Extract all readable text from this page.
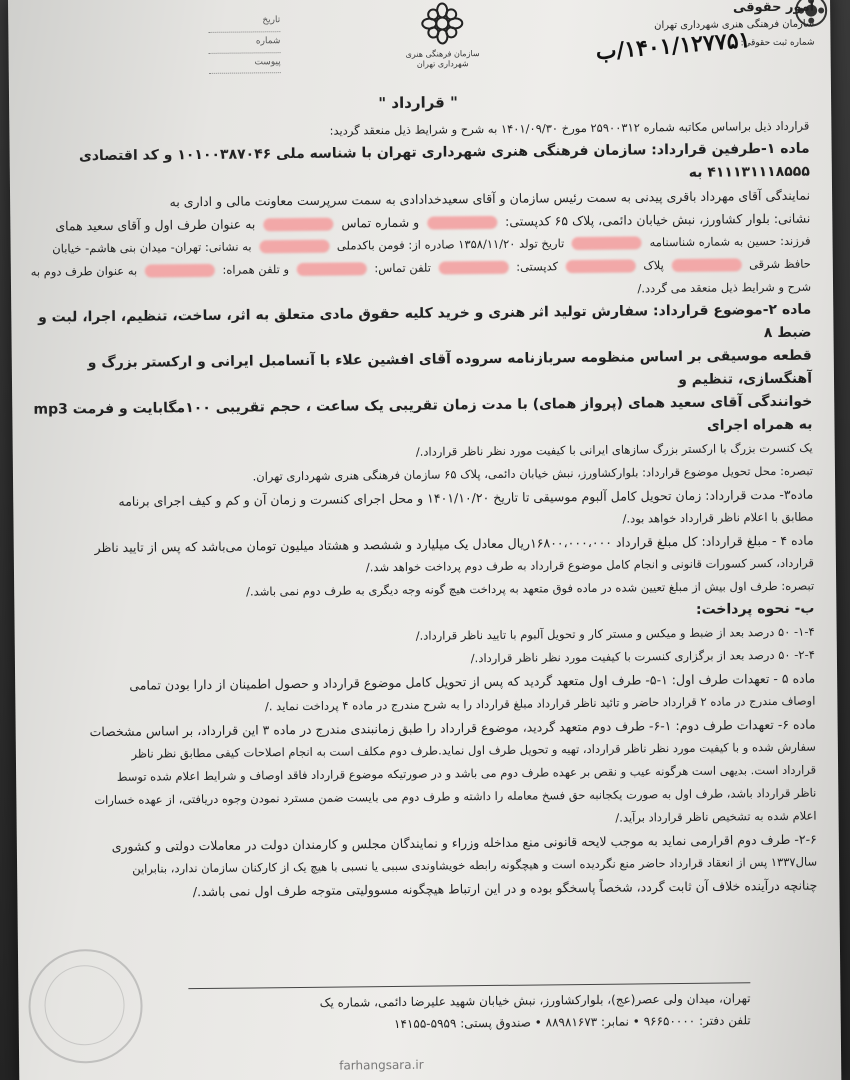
امور حقوقی
سازمان فرهنگی هنری شهرداری تهران
شماره ثبت حقوقی:
۱۴۰۱/۱۲۷۷۵۱/ب
سازمان فرهنگی هنری شهرداری تهران
تاریخ
شماره
پیوست

" قرارداد "

قرارداد ذیل براساس مکاتبه شماره ۲۵۹۰۰۳۱۲ مورخ ۱۴۰۱/۰۹/۳۰ به شرح و شرایط ذیل منعقد گردید:

ماده ۱-طرفین قرارداد: سازمان فرهنگی هنری شهرداری تهران با شناسه ملی ۱۰۱۰۰۳۸۷۰۴۶ و کد اقتصادی ۴۱۱۱۳۱۱۱۸۵۵۵ به

نمایندگی آقای مهرداد باقری پیدنی به سمت رئیس سازمان و آقای سعیدخدادادی به سمت سرپرست معاونت مالی و اداری به

نشانی: بلوار کشاورز، نبش خیابان دائمی، پلاک ۶۵ کدپستی:  و شماره تماس  به عنوان طرف اول و آقای سعید همای

فرزند: حسین به شماره شناسنامه  تاریخ تولد ۱۳۵۸/۱۱/۲۰ صادره از: فومن باکدملی  به نشانی: تهران- میدان بنی هاشم- خیابان

حافظ شرقی  پلاک  کدپستی:  تلفن تماس:  و تلفن همراه:  به عنوان طرف دوم به

شرح و شرایط ذیل منعقد می گردد./

ماده ۲-موضوع قرارداد: سفارش تولید اثر هنری و خرید کلیه حقوق مادی متعلق به اثر، ساخت، تنظیم، اجرا، لبت و ضبط ۸

قطعه موسیقی بر اساس منظومه سربازنامه سروده آقای افشین علاء با آنسامبل ایرانی و ارکستر بزرگ و آهنگسازی، تنظیم و

خوانندگی آقای سعید همای (پرواز همای) با مدت زمان تقریبی یک ساعت ، حجم تقریبی ۱۰۰مگابایت و فرمت mp3 به همراه اجرای

یک کنسرت بزرگ با ارکستر بزرگ سازهای ایرانی با کیفیت مورد نظر ناظر قرارداد./

تبصره: محل تحویل موضوع قرارداد: بلوارکشاورز، نبش خیابان دائمی، پلاک ۶۵ سازمان فرهنگی هنری شهرداری تهران.

ماده۳- مدت قرارداد: زمان تحویل کامل آلبوم موسیقی تا تاریخ ۱۴۰۱/۱۰/۲۰ و محل اجرای کنسرت و زمان آن و کم و کیف اجرای برنامه

مطابق با اعلام ناظر قرارداد خواهد بود./

ماده ۴ - مبلغ قرارداد: کل مبلغ قرارداد ۱۶۸۰۰،۰۰۰،۰۰۰ریال معادل یک میلیارد و ششصد و هشتاد میلیون تومان می‌باشد که پس از تایید ناظر

قرارداد، کسر کسورات قانونی و انجام کامل موضوع قرارداد به طرف دوم پرداخت خواهد شد./

تبصره: طرف اول بیش از مبلغ تعیین شده در ماده فوق متعهد به پرداخت هیچ گونه وجه دیگری به طرف دوم نمی باشد./

ب- نحوه پرداخت:

۱-۴- ۵۰ درصد بعد از ضبط و میکس و مستر کار و تحویل آلبوم با تایید ناظر قرارداد./

۲-۴- ۵۰ درصد بعد از برگزاری کنسرت با کیفیت مورد نظر ناظر قرارداد./

ماده ۵ - تعهدات طرف اول: ۱-۵- طرف اول متعهد گردید که پس از تحویل کامل موضوع قرارداد و حصول اطمینان از دارا بودن تمامی

اوصاف مندرج در ماده ۲ قرارداد حاضر و تائید ناظر قرارداد مبلغ قرارداد را به شرح مندرج در ماده ۴ پرداخت نماید ./

ماده ۶- تعهدات طرف دوم: ۱-۶- طرف دوم متعهد گردید، موضوع قرارداد را طبق زمانبندی مندرج در ماده ۳ این قرارداد، بر اساس مشخصات

سفارش شده و با کیفیت مورد نظر ناظر قرارداد، تهیه و تحویل طرف اول نماید.طرف دوم مکلف است به انجام اصلاحات کیفی مطابق نظر ناظر

قرارداد است. بدیهی است هرگونه عیب و نقص بر عهده طرف دوم می باشد و در صورتیکه موضوع قرارداد فاقد اوصاف و شرایط اعلام شده توسط

ناظر قرارداد باشد، طرف اول به صورت یکجانبه حق فسخ معامله را داشته و طرف دوم می بایست ضمن مسترد نمودن وجوه دریافتی، از عهده خسارات

اعلام شده به تشخیص ناظر قرارداد برآید./

۲-۶- طرف دوم اقرارمی نماید به موجب لایحه قانونی منع مداخله وزراء و نمایندگان مجلس و کارمندان دولت در معاملات دولتی و کشوری

سال۱۳۳۷ پس از انعقاد قرارداد حاضر منع نگردیده است و هیچگونه رابطه خویشاوندی سببی یا نسبی با هیچ یک از کارکنان سازمان ندارد، بنابراین

چنانچه درآینده خلاف آن ثابت گردد، شخصاً پاسخگو بوده و در این ارتباط هیچگونه مسوولیتی متوجه طرف اول نمی باشد./

تهران، میدان ولی عصر(عج)، بلوارکشاورز، نبش خیابان شهید علیرضا دائمی، شماره یک
تلفن دفتر: ۹۶۶۵۰۰۰۰ • نمابر: ۸۸۹۸۱۶۷۳ • صندوق پستی: ۵۹۵۹-۱۴۱۵۵
farhangsara.ir
